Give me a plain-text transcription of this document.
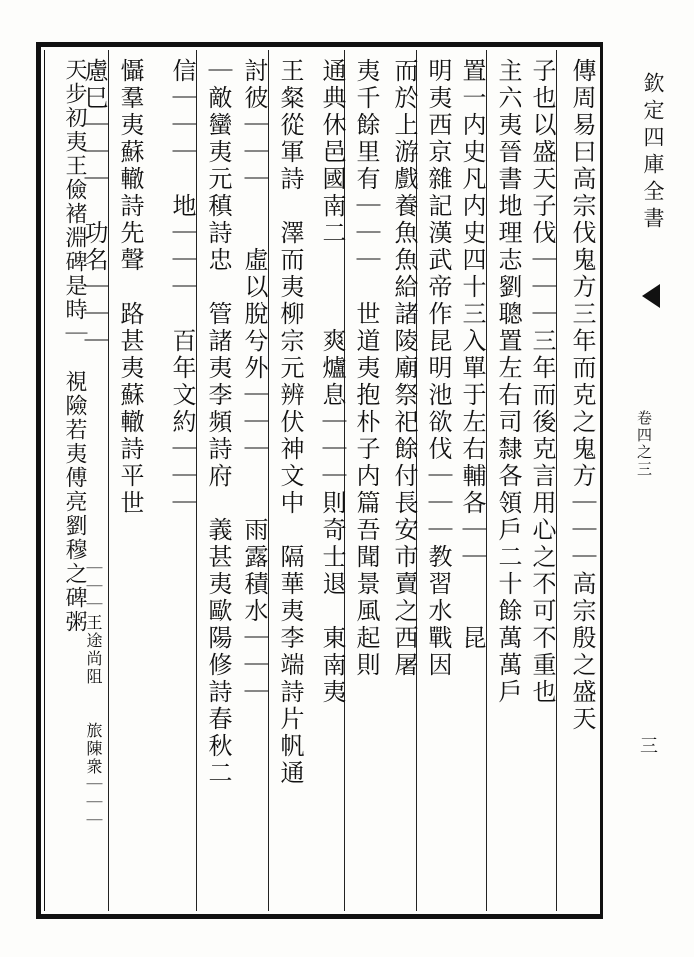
欽定四庫全書
卷四之三
三
傳周易曰高宗伐鬼方三年而克之鬼方｜｜｜高宗殷之盛天
子也以盛天子伐｜｜｜三年而後克言用心之不可不重也
主六夷晉書地理志劉聰置左右司隸各領戶二十餘萬萬戶
置一内史凡内史四十三入單于左右輔各｜｜　　昆
明夷西京雜記漢武帝作昆明池欲伐｜｜｜教習水戰因
而於上游戲養魚魚給諸陵廟祭祀餘付長安市賣之西屠
夷千餘里有｜｜｜　世道夷抱朴子内篇吾聞景風起則
通典休邑國南二　　　爽爐息｜｜｜則奇士退　東南夷
王粲從軍詩　澤而夷柳宗元辨伏神文中　隔華夷李端詩片帆通
討彼｜｜｜　　虛以脫兮外｜｜｜　　雨露積水｜｜｜
｜敵蠻夷元稹詩忠　管諸夷李頻詩府　義甚夷歐陽修詩春秋二
信｜｜｜　地｜｜｜　百年文約｜｜｜
懾羣夷蘇轍詩先聲　路甚夷蘇轍詩平世
慮巳｜｜｜　功名｜｜｜
天步初夷王儉褚淵碑是時｜　視險若夷傅亮劉穆之碑粥
｜｜｜王途尚阻　　旅陳衆｜｜｜
